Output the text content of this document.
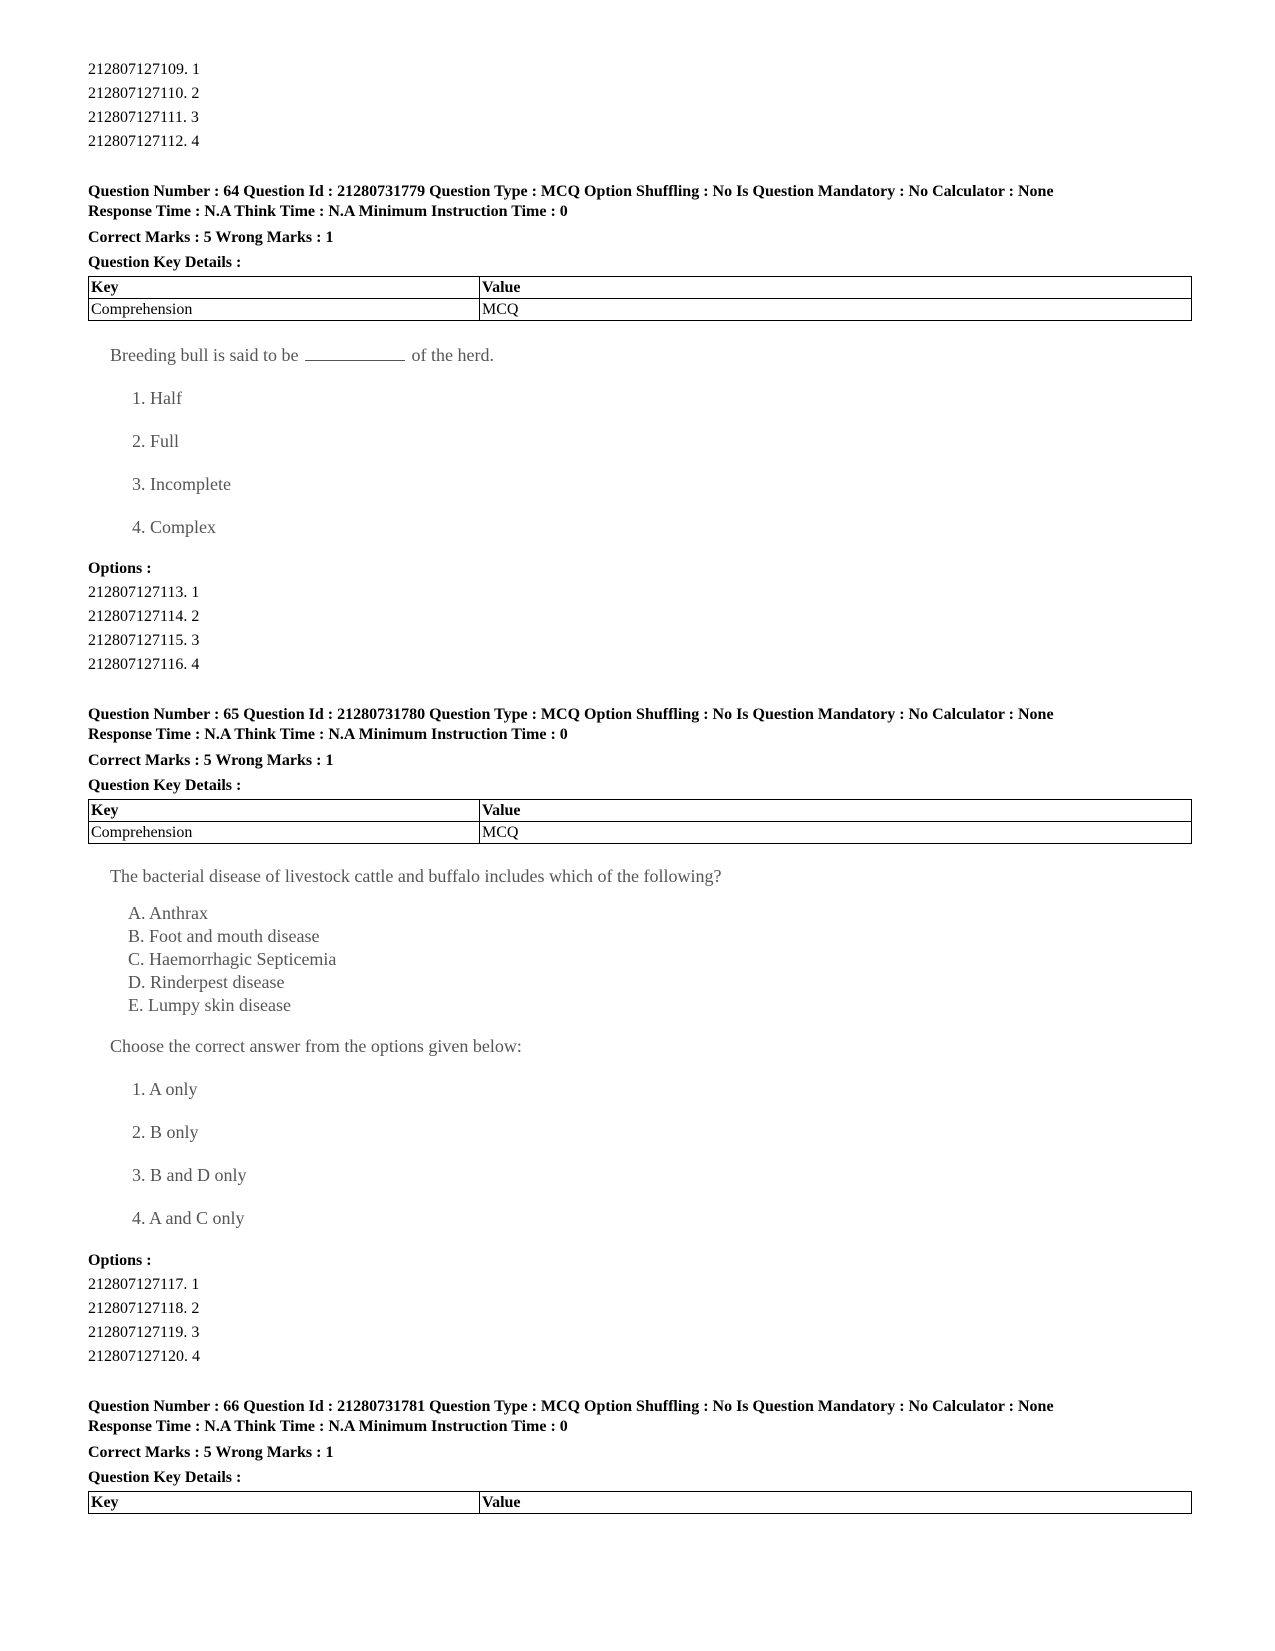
212807127109. 1

212807127110. 2

212807127111. 3

212807127112. 4

Question Number : 64 Question Id : 21280731779 Question Type : MCQ Option Shuffling : No Is Question Mandatory : No Calculator : None

Response Time : N.A Think Time : N.A Minimum Instruction Time : 0

Correct Marks : 5 Wrong Marks : 1

Question Key Details :

Key	Value
Comprehension	MCQ
Breeding bull is said to be	of the herd.
1. Half
2. Full
3. Incomplete
4. Complex

Options :

212807127113. 1

212807127114. 2

212807127115. 3

212807127116. 4

Question Number : 65 Question Id : 21280731780 Question Type : MCQ Option Shuffling : No Is Question Mandatory : No Calculator : None

Response Time : N.A Think Time : N.A Minimum Instruction Time : 0

Correct Marks : 5 Wrong Marks : 1

Question Key Details :

Key	Value
Comprehension	MCQ
The bacterial disease of livestock cattle and buffalo includes which of the following?
A. Anthrax
B. Foot and mouth disease
C. Haemorrhagic Septicemia
D. Rinderpest disease
E. Lumpy skin disease
Choose the correct answer from the options given below:
1. A only
2. B only
3. B and D only
4. A and C only

Options :

212807127117. 1

212807127118. 2

212807127119. 3

212807127120. 4

Question Number : 66 Question Id : 21280731781 Question Type : MCQ Option Shuffling : No Is Question Mandatory : No Calculator : None

Response Time : N.A Think Time : N.A Minimum Instruction Time : 0

Correct Marks : 5 Wrong Marks : 1

Question Key Details :

Key	Value
